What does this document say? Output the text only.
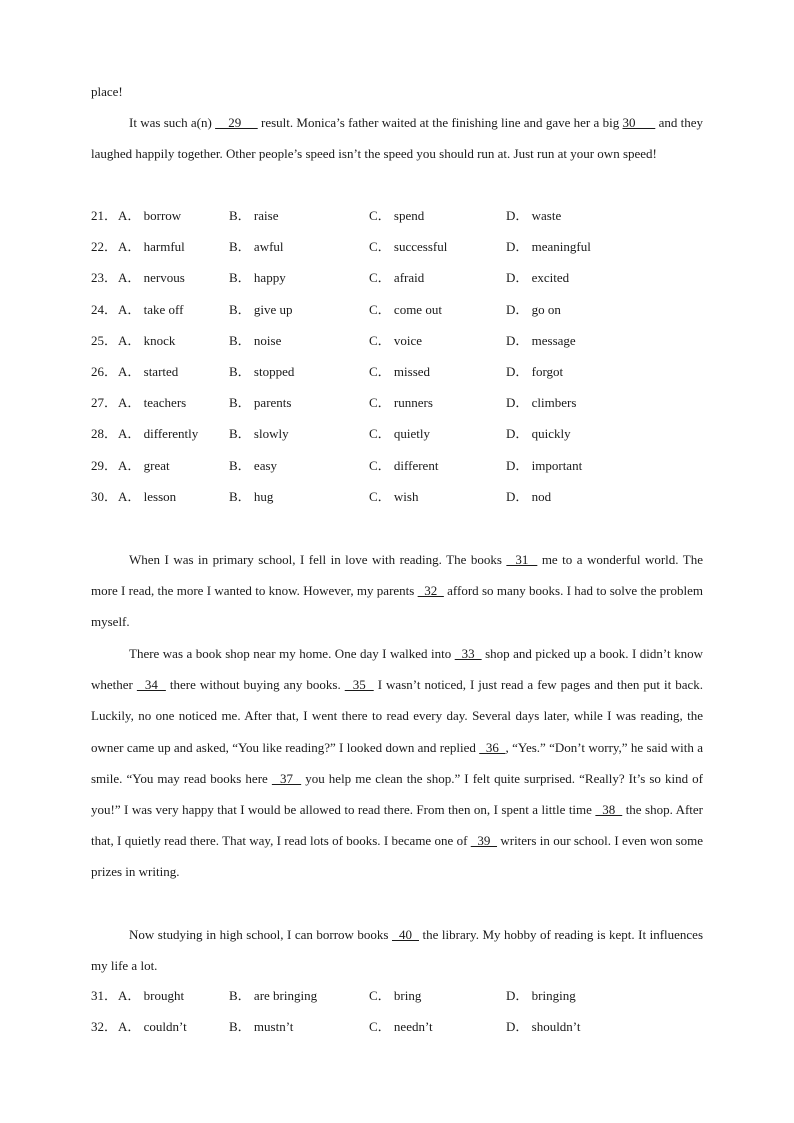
place!
It was such a(n)     29      result. Monica’s father waited at the finishing line and gave her a big 30       and they laughed happily together. Other people’s speed isn’t the speed you should run at. Just run at your own speed!
21． A． borrow	B． raise	C． spend	D． waste
22． A． harmful	B． awful	C． successful	D． meaningful
23． A． nervous	B． happy	C． afraid	D． excited
24． A． take off	B． give up	C． come out	D． go on
25． A． knock	B． noise	C． voice	D． message
26． A． started	B． stopped	C． missed	D． forgot
27． A． teachers	B． parents	C． runners	D． climbers
28． A． differently B． slowly	C． quietly	D． quickly
29． A． great	B． easy	C． different	D． important
30． A． lesson	B． hug	C． wish	D． nod
When I was in primary school, I fell in love with reading. The books   31   me to a wonderful world. The more I read, the more I wanted to know. However, my parents   32   afford so many books. I had to solve the problem myself.
There was a book shop near my home. One day I walked into   33   shop and picked up a book. I didn’t know whether   34   there without buying any books.   35   I wasn’t noticed, I just read a few pages and then put it back. Luckily, no one noticed me. After that, I went there to read every day. Several days later, while I was reading, the owner came up and asked, “You like reading?” I looked down and replied   36  , “Yes.” “Don’t worry,” he said with a smile. “You may read books here   37   you help me clean the shop.” I felt quite surprised. “Really? It’s so kind of you!” I was very happy that I would be allowed to read there. From then on, I spent a little time   38   the shop. After that, I quietly read there. That way, I read lots of books. I became one of   39   writers in our school. I even won some prizes in writing.
Now studying in high school, I can borrow books   40   the library. My hobby of reading is kept. It influences my life a lot.
31． A． brought	B． are bringing	C． bring	D． bringing
32． A． couldn’t	B． mustn’t	C． needn’t	D． shouldn’t
